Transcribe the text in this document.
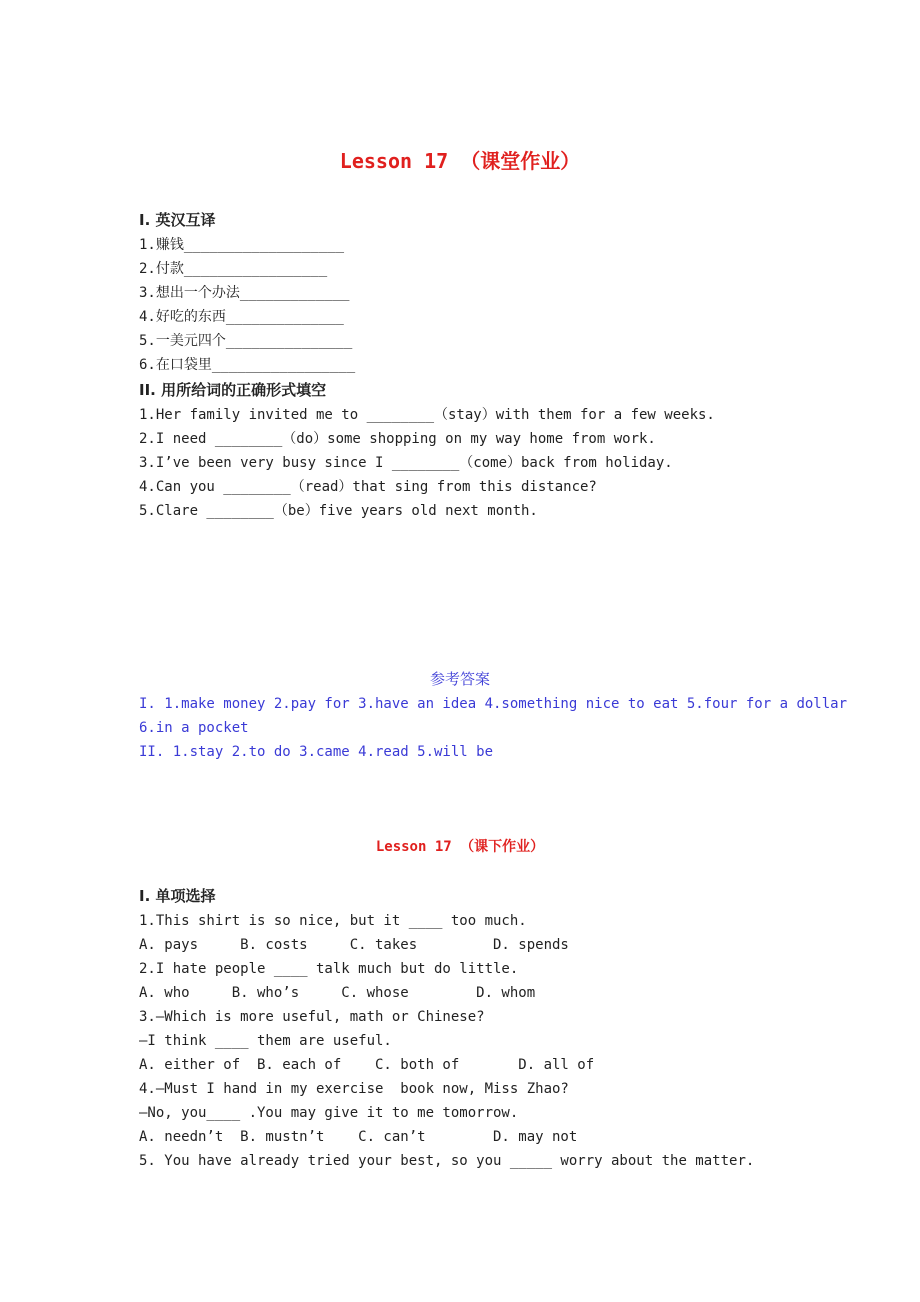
Lesson 17 （课堂作业）
I. 英汉互译
1.赚钱___________________
2.付款_________________
3.想出一个办法_____________
4.好吃的东西______________
5.一美元四个_______________
6.在口袋里_________________
II. 用所给词的正确形式填空
1.Her family invited me to ________（stay）with them for a few weeks.
2.I need ________（do）some shopping on my way home from work.
3.I’ve been very busy since I ________（come）back from holiday.
4.Can you ________（read）that sing from this distance?
5.Clare ________（be）five years old next month.
参考答案
I. 1.make money 2.pay for 3.have an idea 4.something nice to eat 5.four for a dollar
6.in a pocket
II. 1.stay 2.to do 3.came 4.read 5.will be
Lesson 17 （课下作业）
I. 单项选择
1.This shirt is so nice, but it ____ too much.
A. pays     B. costs     C. takes         D. spends
2.I hate people ____ talk much but do little.
A. who     B. who’s     C. whose        D. whom
3.—Which is more useful, math or Chinese?
—I think ____ them are useful.
A. either of  B. each of    C. both of       D. all of
4.—Must I hand in my exercise  book now, Miss Zhao?
—No, you____ .You may give it to me tomorrow.
A. needn’t  B. mustn’t    C. can’t        D. may not
5. You have already tried your best, so you _____ worry about the matter.
